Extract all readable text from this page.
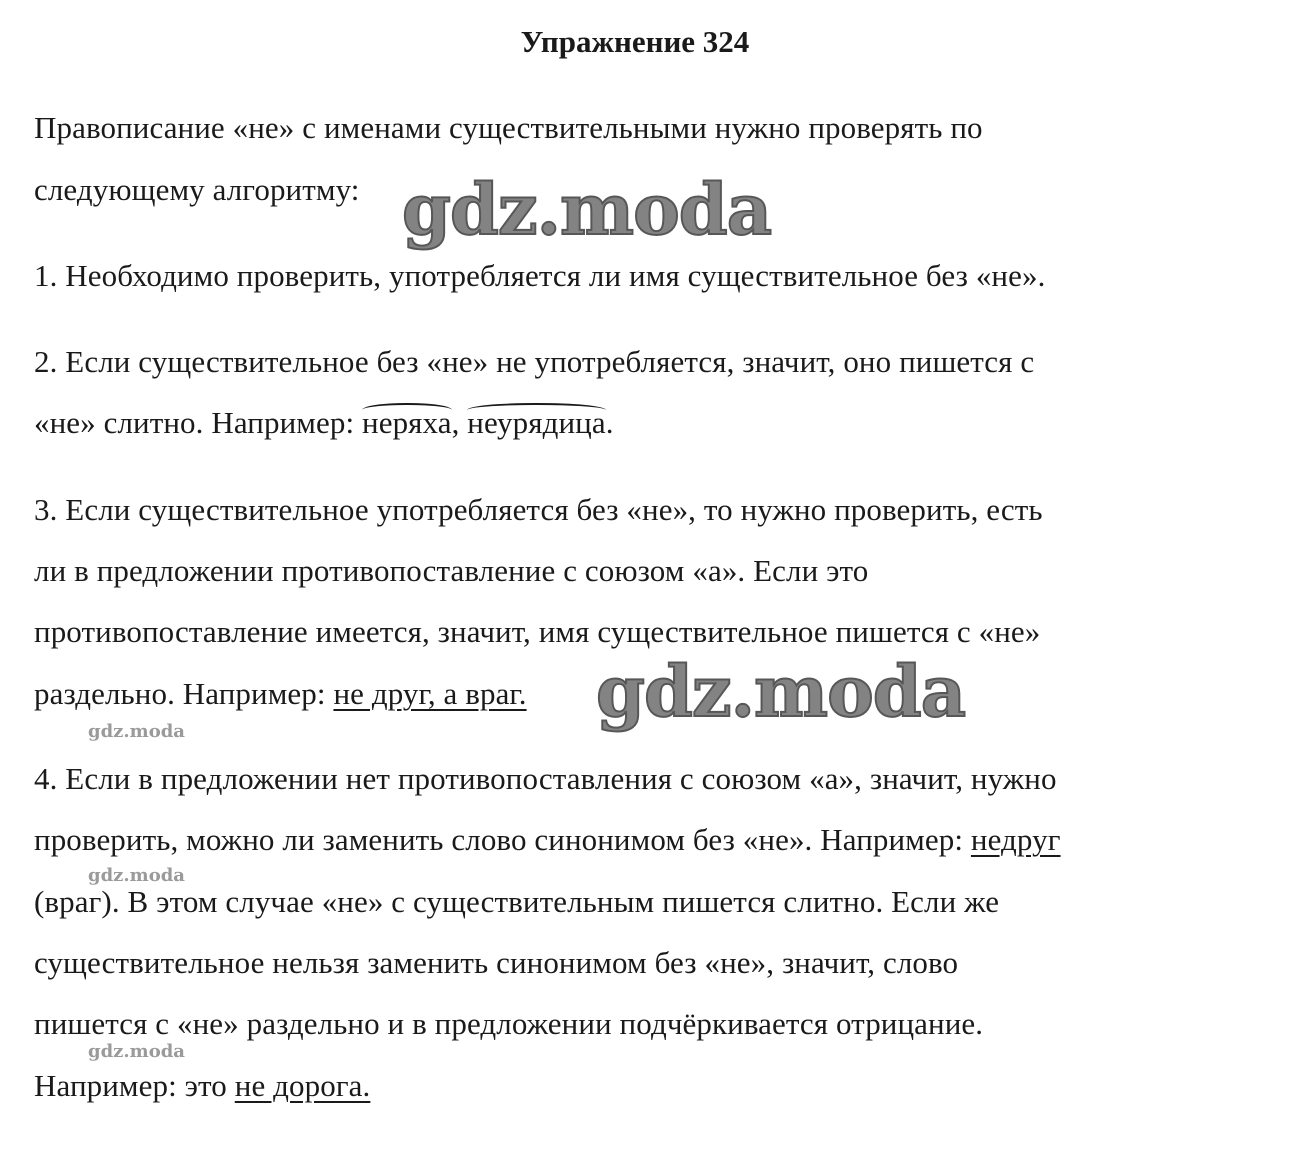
Упражнение 324
Правописание «не» с именами существительными нужно проверять по
следующему алгоритму:
1. Необходимо проверить, употребляется ли имя существительное без «не».
2. Если существительное без «не» не употребляется, значит, оно пишется с
«не» слитно. Например: неряха, неурядица.
3. Если существительное употребляется без «не», то нужно проверить, есть
ли в предложении противопоставление с союзом «а». Если это
противопоставление имеется, значит, имя существительное пишется с «не»
раздельно. Например: не друг, а враг.
4. Если в предложении нет противопоставления с союзом «а», значит, нужно
проверить, можно ли заменить слово синонимом без «не». Например: недруг
(враг). В этом случае «не» с существительным пишется слитно. Если же
существительное нельзя заменить синонимом без «не», значит, слово
пишется с «не» раздельно и в предложении подчёркивается отрицание.
Например: это не дорога.
gdz.moda
gdz.moda
gdz.moda
gdz.moda
gdz.moda
